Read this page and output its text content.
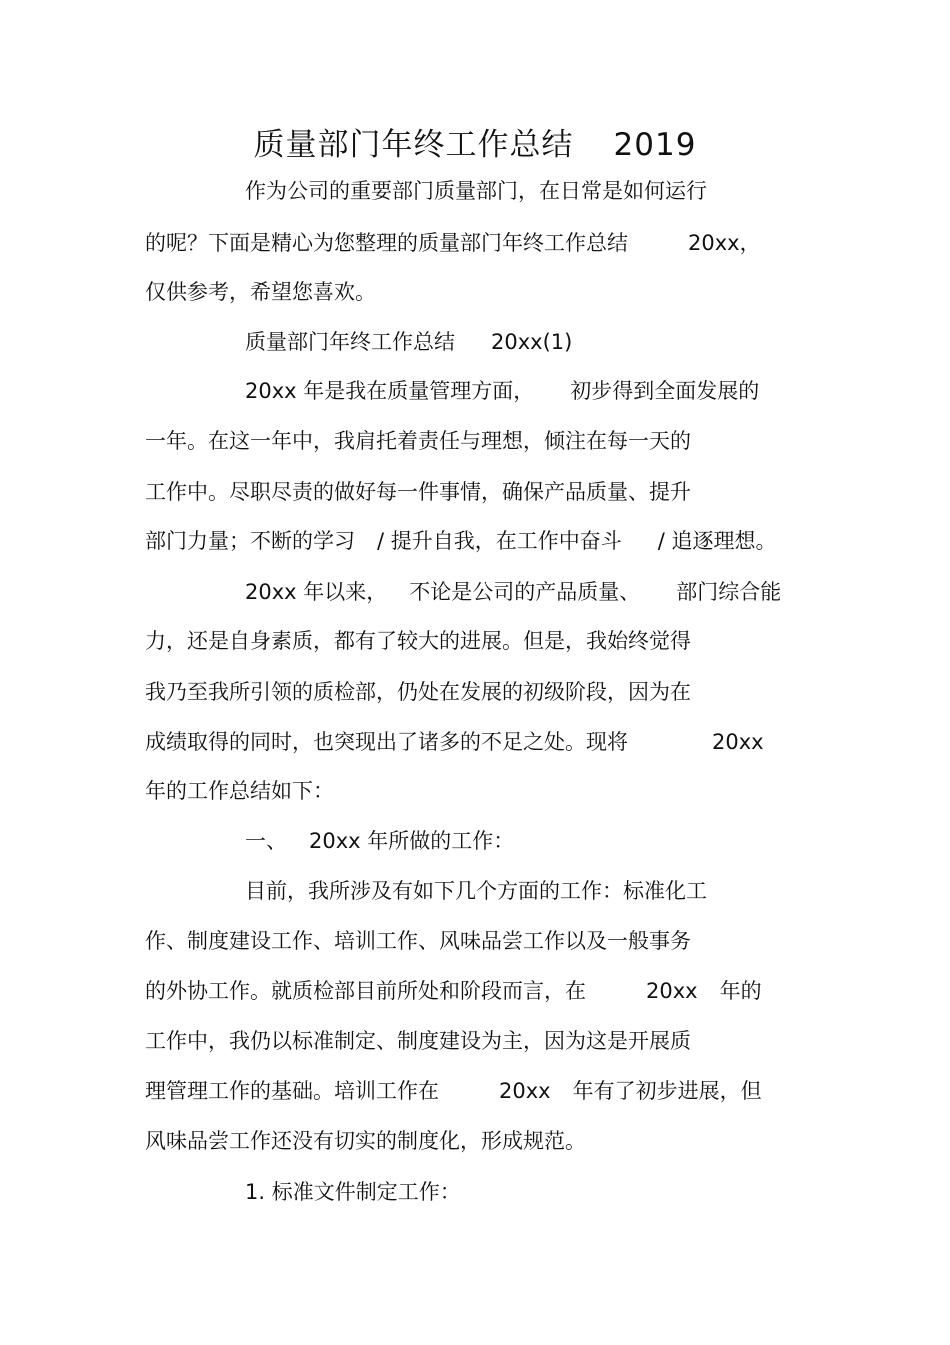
质量部门年终工作总结 2019
作为公司的重要部门质量部门，在日常是如何运行
的呢？下面是精心为您整理的质量部门年终工作总结	20xx，
仅供参考，希望您喜欢。
质量部门年终工作总结 20xx(1)
20xx 年是我在质量管理方面， 初步得到全面发展的
一年。在这一年中，我肩托着责任与理想，倾注在每一天的
工作中。尽职尽责的做好每一件事情，确保产品质量、提升
部门力量；不断的学习 / 提升自我，在工作中奋斗 / 追逐理想。
20xx 年以来， 不论是公司的产品质量、 部门综合能
力，还是自身素质，都有了较大的进展。但是，我始终觉得
我乃至我所引领的质检部，仍处在发展的初级阶段，因为在
成绩取得的同时，也突现出了诸多的不足之处。现将	20xx
年的工作总结如下：
一、 20xx 年所做的工作：
目前，我所涉及有如下几个方面的工作：标准化工
作、制度建设工作、培训工作、风味品尝工作以及一般事务
的外协工作。就质检部目前所处和阶段而言，在	20xx 年的
工作中，我仍以标准制定、制度建设为主，因为这是开展质
理管理工作的基础。培训工作在	20xx 年有了初步进展，但
风味品尝工作还没有切实的制度化，形成规范。
1. 标准文件制定工作：
